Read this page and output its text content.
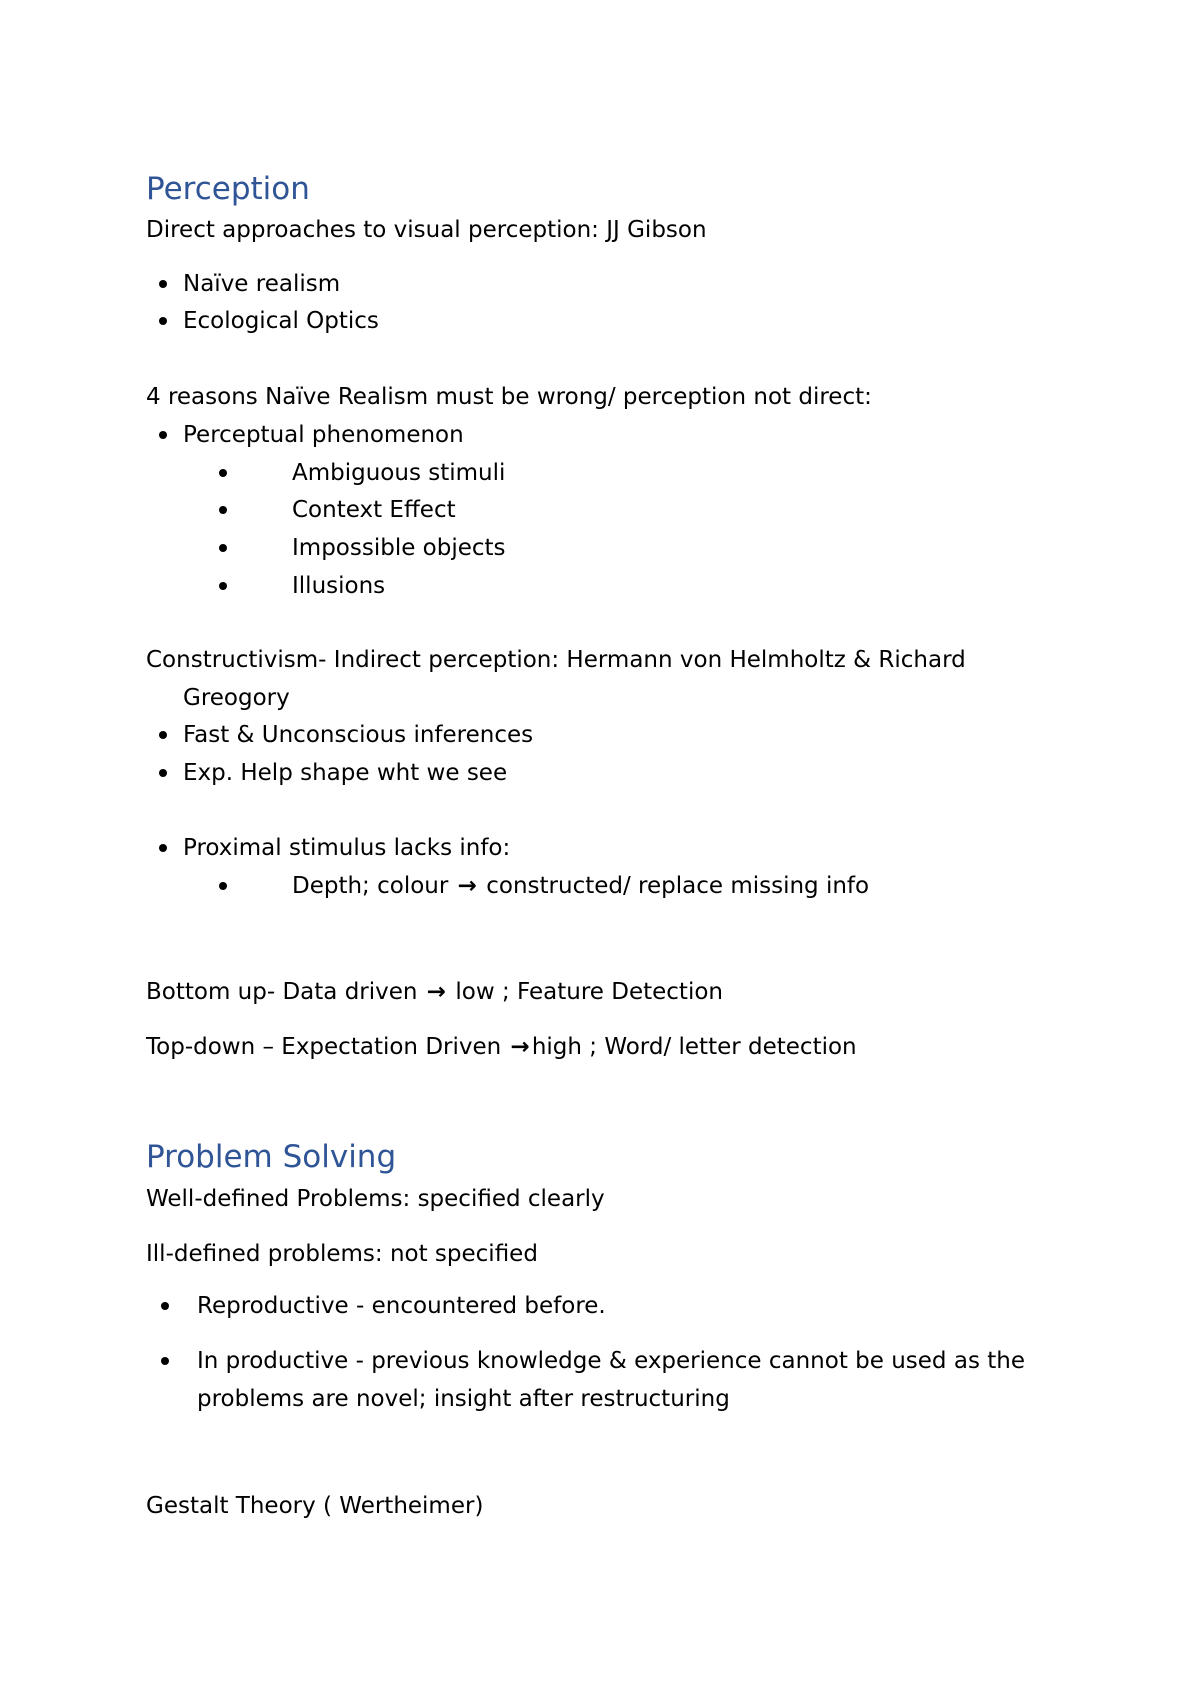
Perception
Direct approaches to visual perception: JJ Gibson
Naïve realism
Ecological Optics
4 reasons Naïve Realism must be wrong/ perception not direct:
Perceptual phenomenon
Ambiguous stimuli
Context Effect
Impossible objects
Illusions
Constructivism- Indirect perception: Hermann von Helmholtz & Richard
Greogory
Fast & Unconscious inferences
Exp. Help shape wht we see
Proximal stimulus lacks info:
Depth; colour → constructed/ replace missing info
Bottom up- Data driven → low ; Feature Detection
Top-down – Expectation Driven →high ; Word/ letter detection
Problem Solving
Well-defined Problems: specified clearly
Ill-defined problems: not specified
Reproductive - encountered before.
In productive - previous knowledge & experience cannot be used as the
problems are novel; insight after restructuring
Gestalt Theory ( Wertheimer)
